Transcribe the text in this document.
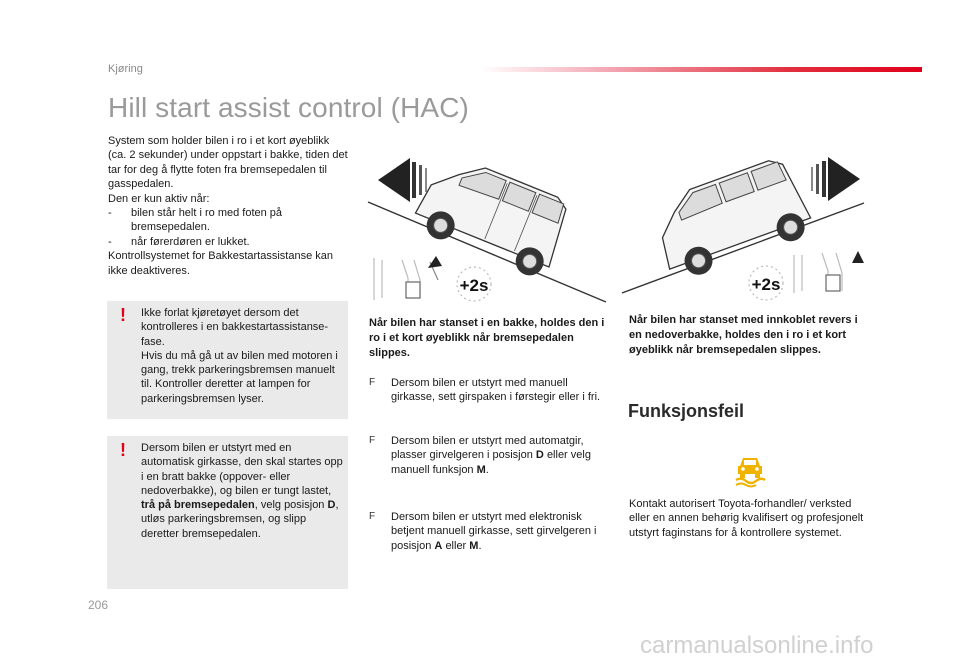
Kjøring
Hill start assist control (HAC)
System som holder bilen i ro i et kort øyeblikk (ca. 2 sekunder) under oppstart i bakke, tiden det tar for deg å flytte foten fra bremsepedalen til gasspedalen.
Den er kun aktiv når:
-	bilen står helt i ro med foten på bremsepedalen.
-	når førerdøren er lukket.
Kontrollsystemet for Bakkestartassistanse kan ikke deaktiveres.
! Ikke forlat kjøretøyet dersom det kontrolleres i en bakkestartassistanse-fase.
Hvis du må gå ut av bilen med motoren i gang, trekk parkeringsbremsen manuelt til. Kontroller deretter at lampen for parkeringsbremsen lyser.
! Dersom bilen er utstyrt med en automatisk girkasse, den skal startes opp i en bratt bakke (oppover- eller nedoverbakke), og bilen er tungt lastet, trå på bremsepedalen, velg posisjon D, utløs parkeringsbremsen, og slipp deretter bremsepedalen.
+2s	+2s
Når bilen har stanset i en bakke, holdes den i ro i et kort øyeblikk når bremsepedalen slippes.
Når bilen har stanset med innkoblet revers i en nedoverbakke, holdes den i ro i et kort øyeblikk når bremsepedalen slippes.
F	Dersom bilen er utstyrt med manuell girkasse, sett girspaken i førstegir eller i fri.
F	Dersom bilen er utstyrt med automatgir, plasser girvelgeren i posisjon D eller velg manuell funksjon M.
F	Dersom bilen er utstyrt med elektronisk betjent manuell girkasse, sett girvelgeren i posisjon A eller M.
Funksjonsfeil
Kontakt autorisert Toyota-forhandler/ verksted eller en annen behørig kvalifisert og profesjonelt utstyrt faginstans for å kontrollere systemet.
206
carmanualsonline.info
